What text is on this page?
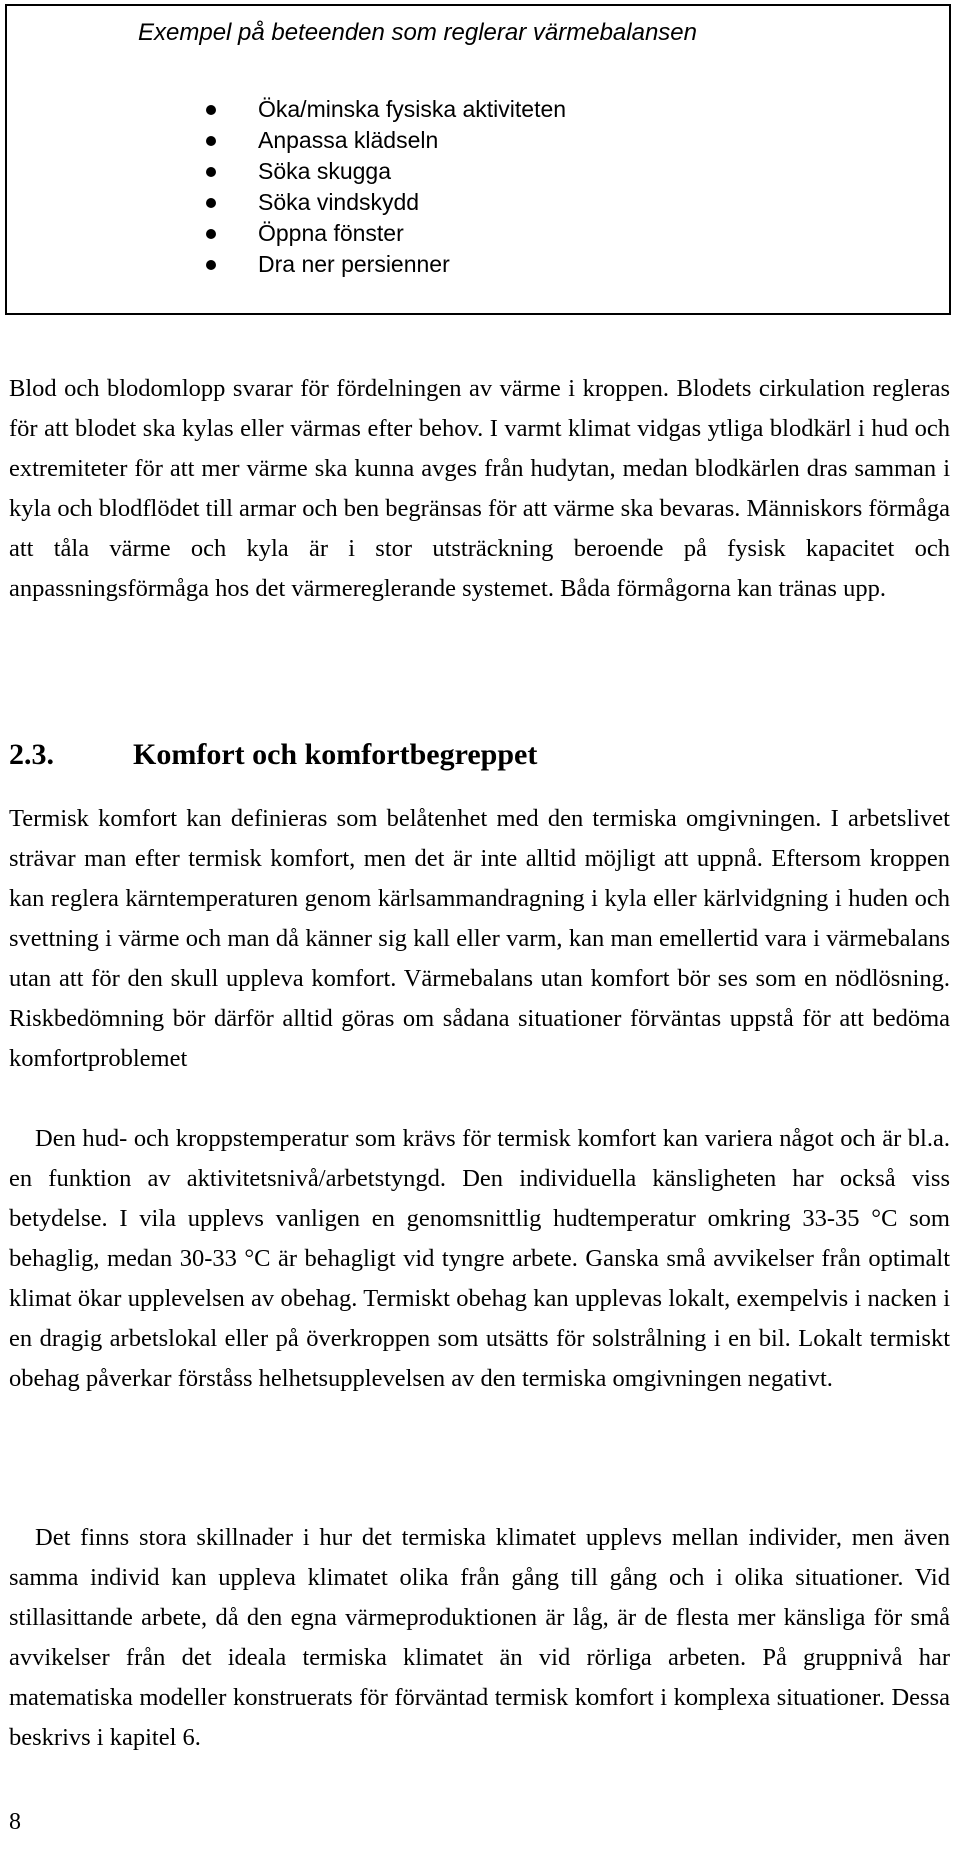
Exempel på beteenden som reglerar värmebalansen
Öka/minska fysiska aktiviteten
Anpassa klädseln
Söka skugga
Söka vindskydd
Öppna fönster
Dra ner persienner

Blod och blodomlopp svarar för fördelningen av värme i kroppen. Blodets cirkulation regleras för att blodet ska kylas eller värmas efter behov. I varmt klimat vidgas ytliga blodkärl i hud och extremiteter för att mer värme ska kunna avges från hudytan, medan blodkärlen dras samman i kyla och blodflödet till armar och ben begränsas för att värme ska bevaras. Människors förmåga att tåla värme och kyla är i stor utsträckning beroende på fysisk kapacitet och anpassningsförmåga hos det värmereglerande systemet. Båda förmågorna kan tränas upp.

2.3.	Komfort och komfortbegreppet

Termisk komfort kan definieras som belåtenhet med den termiska omgivningen. I arbetslivet strävar man efter termisk komfort, men det är inte alltid möjligt att uppnå. Eftersom kroppen kan reglera kärntemperaturen genom kärlsammandragning i kyla eller kärlvidgning i huden och svettning i värme och man då känner sig kall eller varm, kan man emellertid vara i värmebalans utan att för den skull uppleva komfort. Värmebalans utan komfort bör ses som en nödlösning. Riskbedömning bör därför alltid göras om sådana situationer förväntas uppstå för att bedöma komfortproblemet

Den hud- och kroppstemperatur som krävs för termisk komfort kan variera något och är bl.a. en funktion av aktivitetsnivå/arbetstyngd. Den individuella känsligheten har också viss betydelse. I vila upplevs vanligen en genomsnittlig hudtemperatur omkring 33-35 °C som behaglig, medan 30-33 °C är behagligt vid tyngre arbete. Ganska små avvikelser från optimalt klimat ökar upplevelsen av obehag. Termiskt obehag kan upplevas lokalt, exempelvis i nacken i en dragig arbetslokal eller på överkroppen som utsätts för solstrålning i en bil. Lokalt termiskt obehag påverkar förståss helhetsupplevelsen av den termiska omgivningen negativt.

Det finns stora skillnader i hur det termiska klimatet upplevs mellan individer, men även samma individ kan uppleva klimatet olika från gång till gång och i olika situationer. Vid stillasittande arbete, då den egna värmeproduktionen är låg, är de flesta mer känsliga för små avvikelser från det ideala termiska klimatet än vid rörliga arbeten. På gruppnivå har matematiska modeller konstruerats för förväntad termisk komfort i komplexa situationer. Dessa beskrivs i kapitel 6.

8
